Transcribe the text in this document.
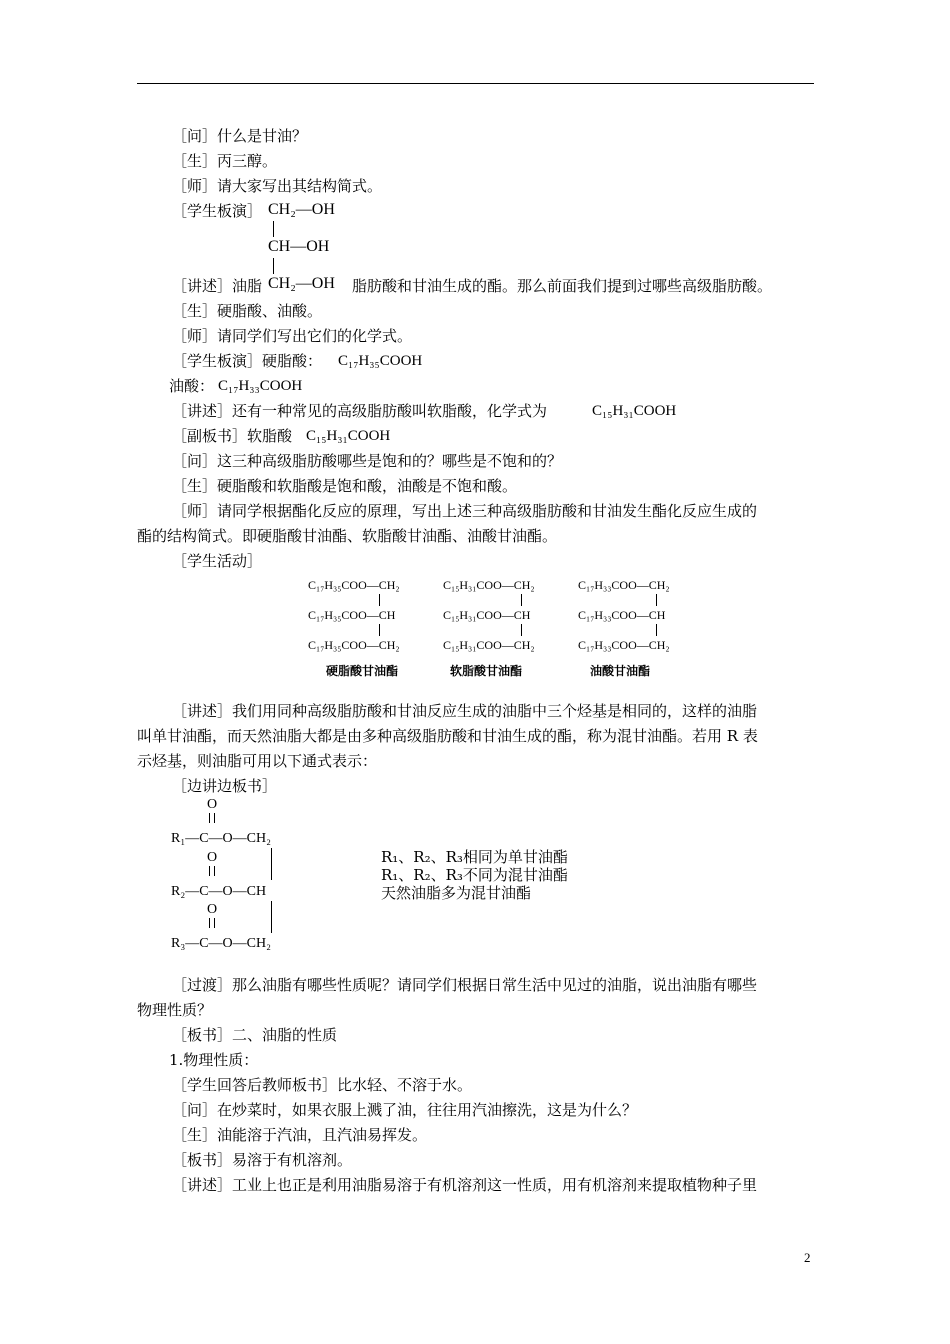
［问］什么是甘油？
［生］丙三醇。
［师］请大家写出其结构简式。
［学生板演］ CH₂—OH
CH—OH
CH₂—OH
［讲述］油脂	脂肪酸和甘油生成的酯。那么前面我们提到过哪些高级脂肪酸。
［生］硬脂酸、油酸。
［师］请同学们写出它们的化学式。
［学生板演］硬脂酸： C₁₇H₃₅COOH
油酸： C₁₇H₃₃COOH
［讲述］还有一种常见的高级脂肪酸叫软脂酸，化学式为	C₁₅H₃₁COOH
［副板书］软脂酸 C₁₅H₃₁COOH
［问］这三种高级脂肪酸哪些是饱和的？哪些是不饱和的？
［生］硬脂酸和软脂酸是饱和酸，油酸是不饱和酸。
［师］请同学根据酯化反应的原理，写出上述三种高级脂肪酸和甘油发生酯化反应生成的
酯的结构简式。即硬脂酸甘油酯、软脂酸甘油酯、油酸甘油酯。
［学生活动］
C₁₇H₃₅COO—CH₂
C₁₇H₃₅COO—CH
C₁₇H₃₅COO—CH₂
硬脂酸甘油酯
C₁₅H₃₁COO—CH₂
C₁₅H₃₁COO—CH
C₁₅H₃₁COO—CH₂
软脂酸甘油酯
C₁₇H₃₃COO—CH₂
C₁₇H₃₃COO—CH
C₁₇H₃₃COO—CH₂
油酸甘油酯
［讲述］我们用同种高级脂肪酸和甘油反应生成的油脂中三个烃基是相同的，这样的油脂
叫单甘油酯，而天然油脂大都是由多种高级脂肪酸和甘油生成的酯，称为混甘油酯。若用 R 表
示烃基，则油脂可用以下通式表示：
［边讲边板书］
O
R₁—C—O—CH₂
O
R₂—C—O—CH
O
R₃—C—O—CH₂
R₁、R₂、R₃相同为单甘油酯
R₁、R₂、R₃不同为混甘油酯
天然油脂多为混甘油酯
［过渡］那么油脂有哪些性质呢？请同学们根据日常生活中见过的油脂，说出油脂有哪些
物理性质？
［板书］二、油脂的性质
1.物理性质：
［学生回答后教师板书］比水轻、不溶于水。
［问］在炒菜时，如果衣服上溅了油，往往用汽油擦洗，这是为什么？
［生］油能溶于汽油，且汽油易挥发。
［板书］易溶于有机溶剂。
［讲述］工业上也正是利用油脂易溶于有机溶剂这一性质，用有机溶剂来提取植物种子里
2
